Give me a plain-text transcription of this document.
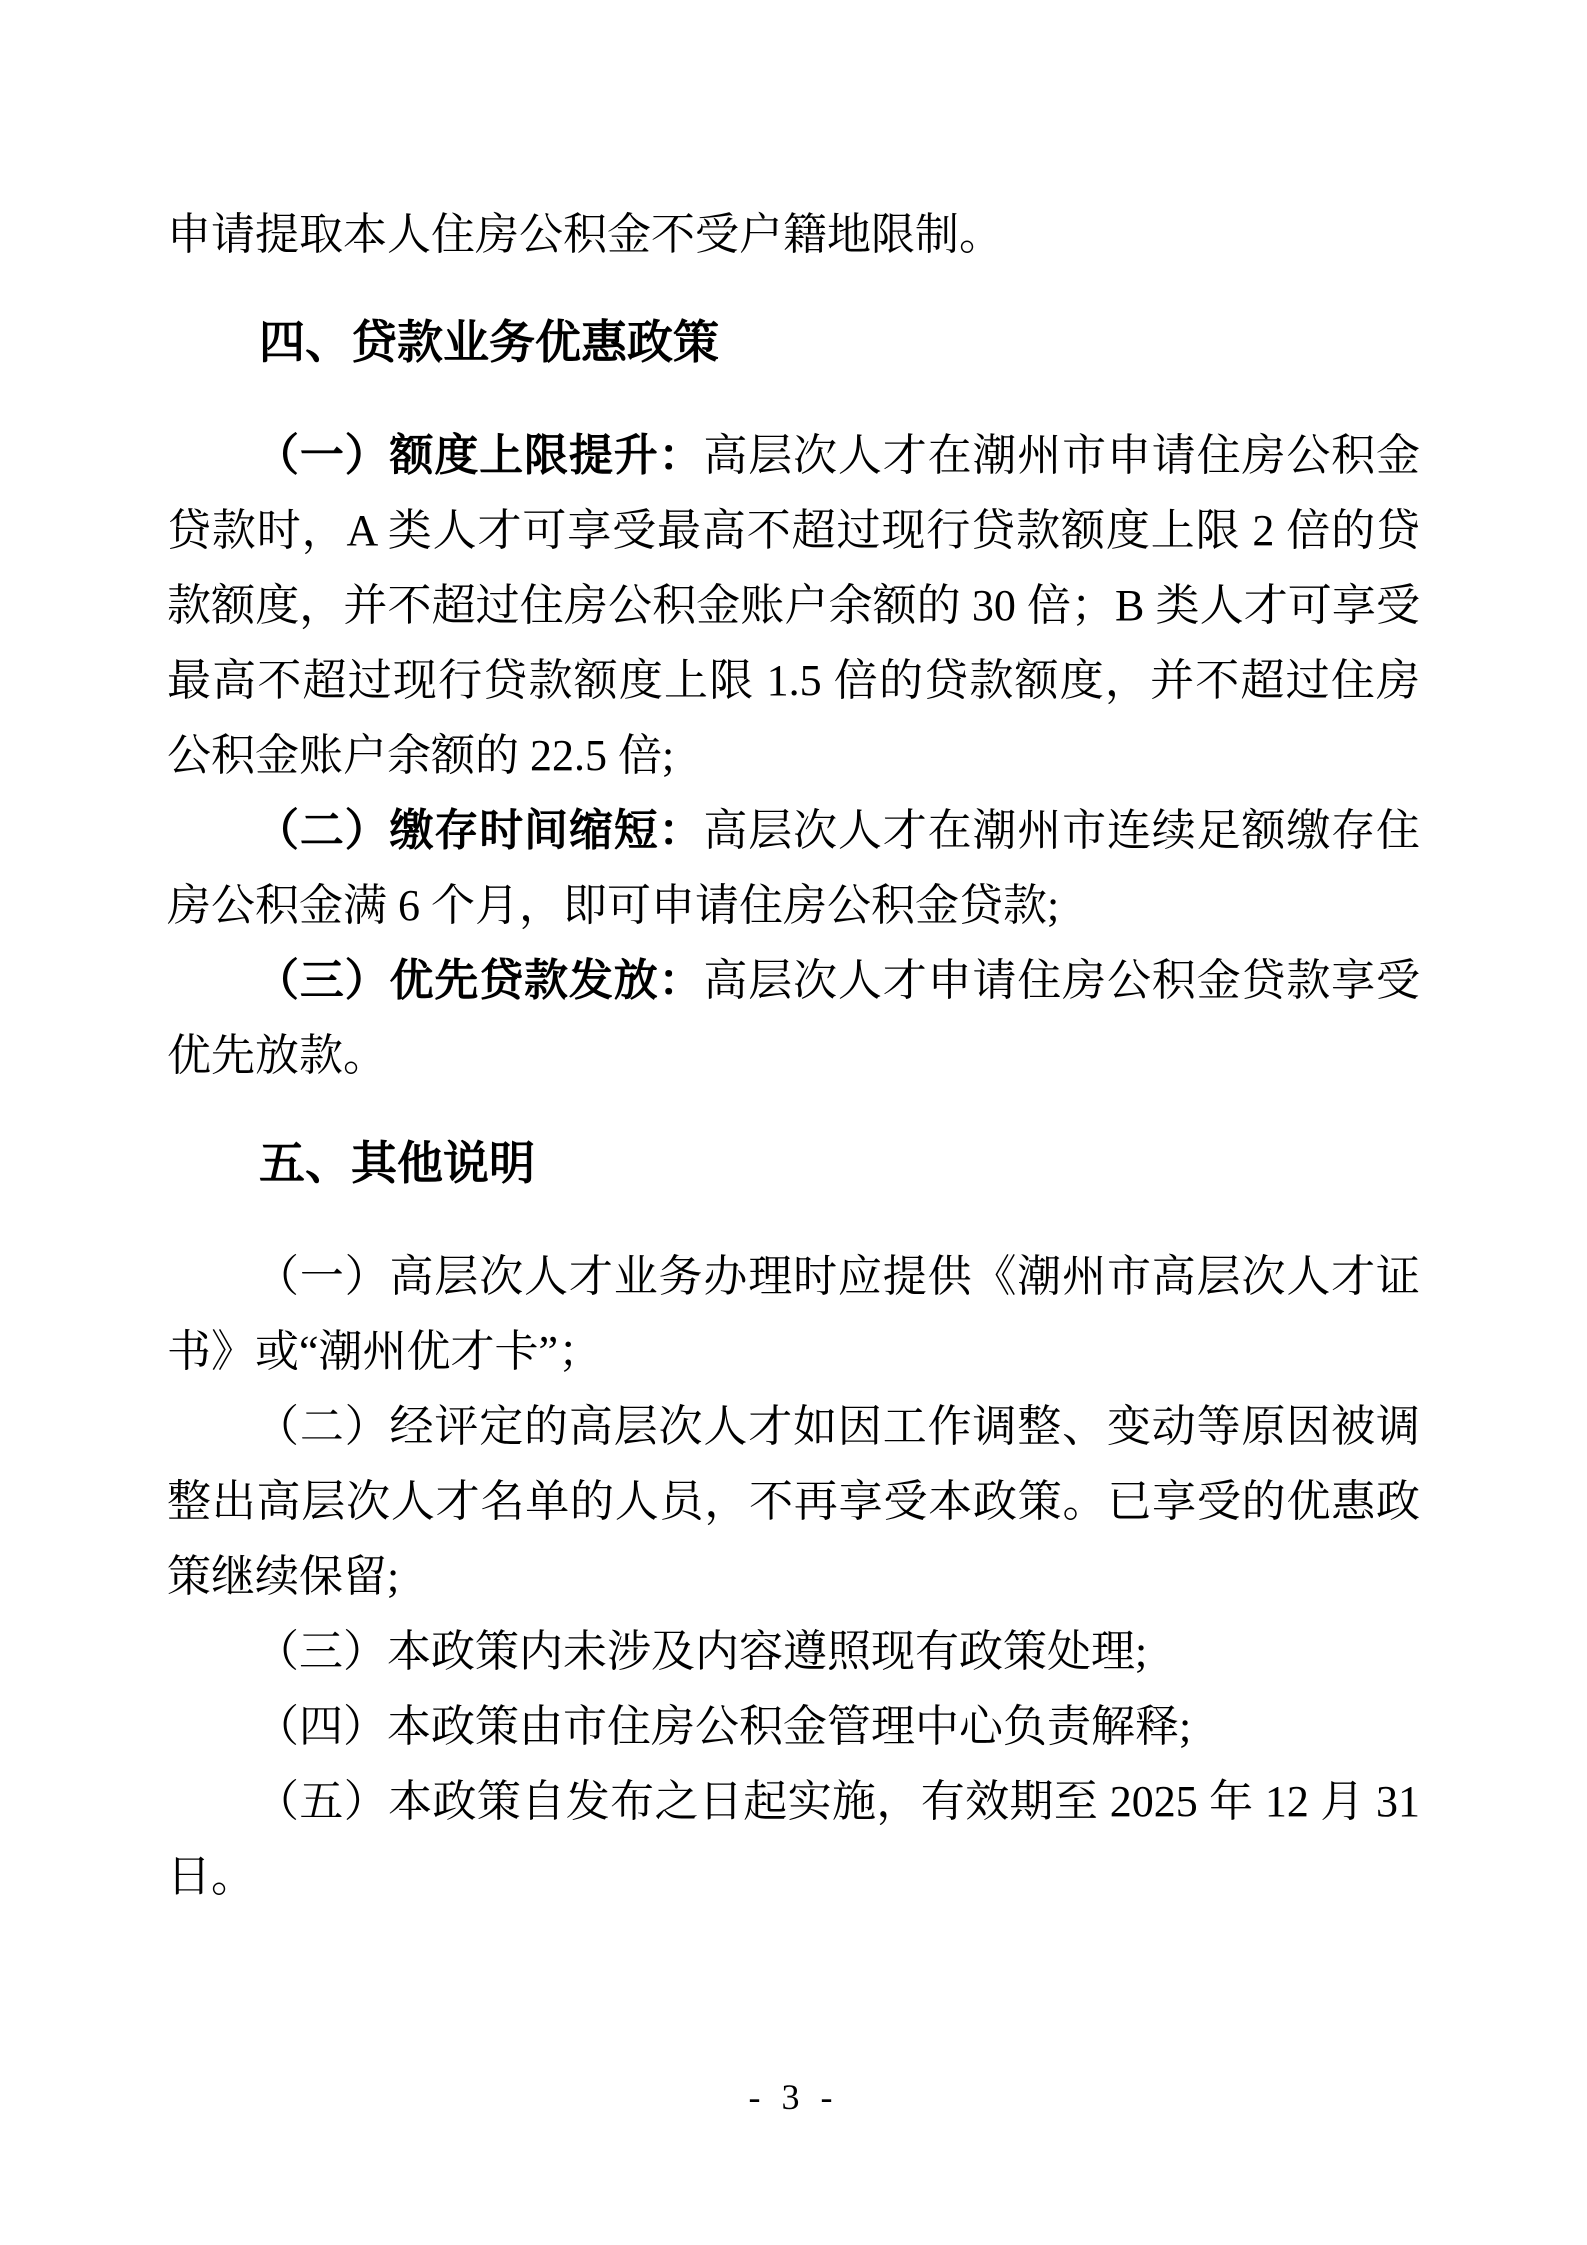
申请提取本人住房公积金不受户籍地限制。

四、贷款业务优惠政策

（一）额度上限提升：高层次人才在潮州市申请住房公积金贷款时，A 类人才可享受最高不超过现行贷款额度上限 2 倍的贷款额度，并不超过住房公积金账户余额的 30 倍；B 类人才可享受最高不超过现行贷款额度上限 1.5 倍的贷款额度，并不超过住房公积金账户余额的 22.5 倍;

（二）缴存时间缩短：高层次人才在潮州市连续足额缴存住房公积金满 6 个月，即可申请住房公积金贷款;

（三）优先贷款发放：高层次人才申请住房公积金贷款享受优先放款。

五、其他说明

（一）高层次人才业务办理时应提供《潮州市高层次人才证书》或“潮州优才卡”；

（二）经评定的高层次人才如因工作调整、变动等原因被调整出高层次人才名单的人员，不再享受本政策。已享受的优惠政策继续保留;

（三）本政策内未涉及内容遵照现有政策处理;

（四）本政策由市住房公积金管理中心负责解释;

（五）本政策自发布之日起实施，有效期至 2025 年 12 月 31 日。

- 3 -
